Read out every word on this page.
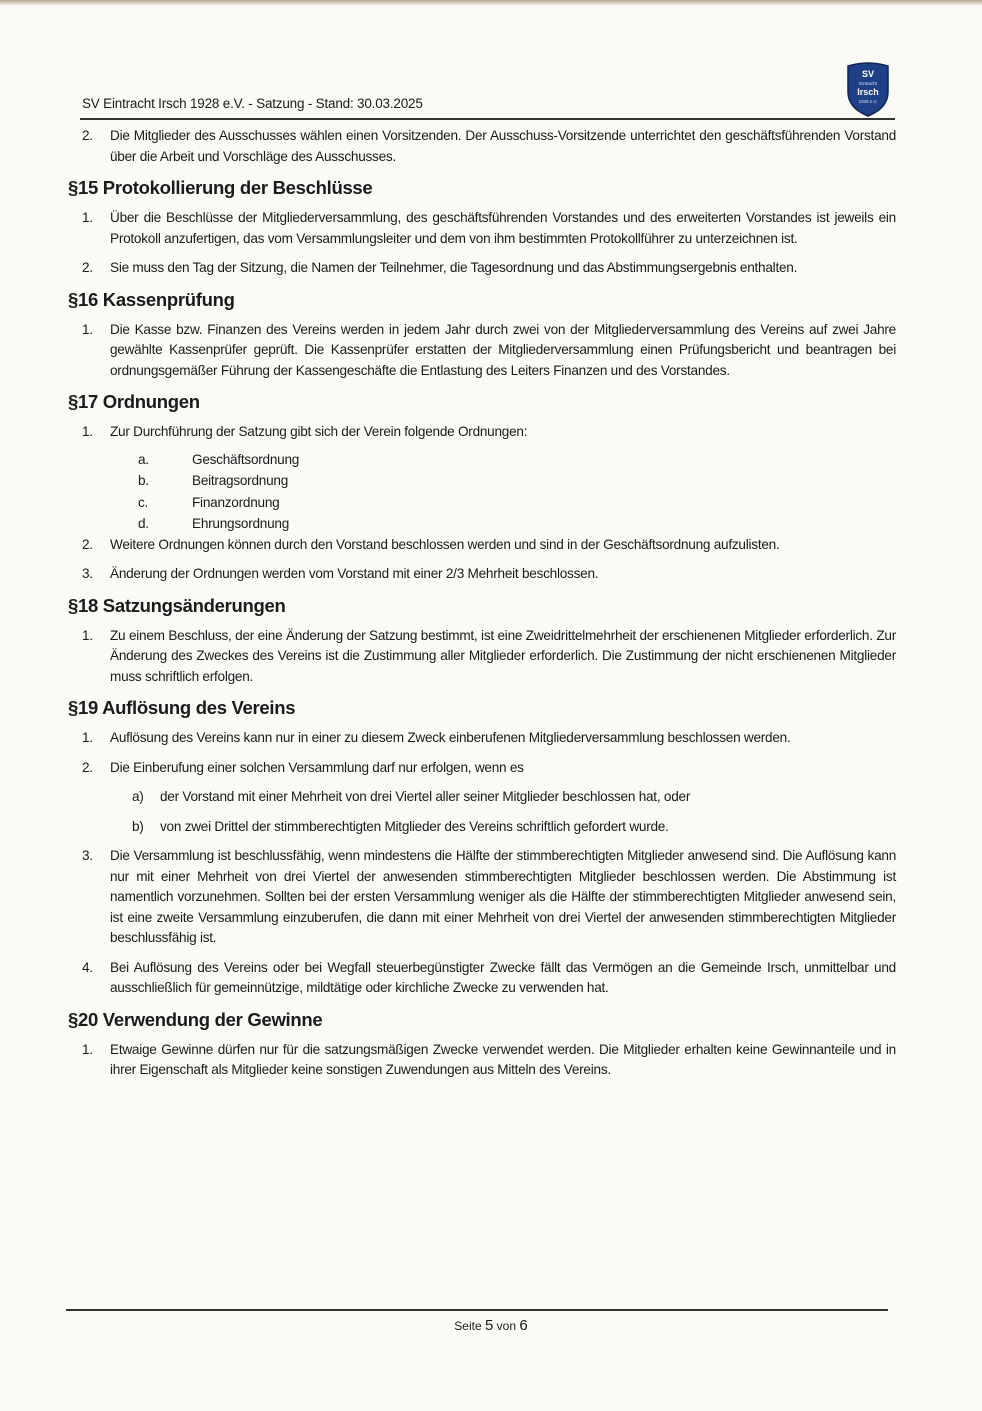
SV Eintracht Irsch 1928 e.V. - Satzung - Stand: 30.03.2025
SV
Eintracht
Irsch
1928 e.V.
2. Die Mitglieder des Ausschusses wählen einen Vorsitzenden. Der Ausschuss-Vorsitzende unterrichtet den geschäftsführenden Vorstand über die Arbeit und Vorschläge des Ausschusses.
§15 Protokollierung der Beschlüsse
1. Über die Beschlüsse der Mitgliederversammlung, des geschäftsführenden Vorstandes und des erweiterten Vorstandes ist jeweils ein Protokoll anzufertigen, das vom Versammlungsleiter und dem von ihm bestimmten Protokollführer zu unterzeichnen ist.
2. Sie muss den Tag der Sitzung, die Namen der Teilnehmer, die Tagesordnung und das Abstimmungsergebnis enthalten.
§16 Kassenprüfung
1. Die Kasse bzw. Finanzen des Vereins werden in jedem Jahr durch zwei von der Mitgliederversammlung des Vereins auf zwei Jahre gewählte Kassenprüfer geprüft. Die Kassenprüfer erstatten der Mitgliederversammlung einen Prüfungsbericht und beantragen bei ordnungsgemäßer Führung der Kassengeschäfte die Entlastung des Leiters Finanzen und des Vorstandes.
§17 Ordnungen
1. Zur Durchführung der Satzung gibt sich der Verein folgende Ordnungen:
a.	Geschäftsordnung
b.	Beitragsordnung
c.	Finanzordnung
d.	Ehrungsordnung
2. Weitere Ordnungen können durch den Vorstand beschlossen werden und sind in der Geschäftsordnung aufzulisten.
3. Änderung der Ordnungen werden vom Vorstand mit einer 2/3 Mehrheit beschlossen.
§18 Satzungsänderungen
1. Zu einem Beschluss, der eine Änderung der Satzung bestimmt, ist eine Zweidrittelmehrheit der erschienenen Mitglieder erforderlich. Zur Änderung des Zweckes des Vereins ist die Zustimmung aller Mitglieder erforderlich. Die Zustimmung der nicht erschienenen Mitglieder muss schriftlich erfolgen.
§19 Auflösung des Vereins
1. Auflösung des Vereins kann nur in einer zu diesem Zweck einberufenen Mitgliederversammlung beschlossen werden.
2. Die Einberufung einer solchen Versammlung darf nur erfolgen, wenn es
a) der Vorstand mit einer Mehrheit von drei Viertel aller seiner Mitglieder beschlossen hat, oder
b) von zwei Drittel der stimmberechtigten Mitglieder des Vereins schriftlich gefordert wurde.
3. Die Versammlung ist beschlussfähig, wenn mindestens die Hälfte der stimmberechtigten Mitglieder anwesend sind. Die Auflösung kann nur mit einer Mehrheit von drei Viertel der anwesenden stimmberechtigten Mitglieder beschlossen werden. Die Abstimmung ist namentlich vorzunehmen. Sollten bei der ersten Versammlung weniger als die Hälfte der stimmberechtigten Mitglieder anwesend sein, ist eine zweite Versammlung einzuberufen, die dann mit einer Mehrheit von drei Viertel der anwesenden stimmberechtigten Mitglieder beschlussfähig ist.
4. Bei Auflösung des Vereins oder bei Wegfall steuerbegünstigter Zwecke fällt das Vermögen an die Gemeinde Irsch, unmittelbar und ausschließlich für gemeinnützige, mildtätige oder kirchliche Zwecke zu verwenden hat.
§20 Verwendung der Gewinne
1. Etwaige Gewinne dürfen nur für die satzungsmäßigen Zwecke verwendet werden. Die Mitglieder erhalten keine Gewinnanteile und in ihrer Eigenschaft als Mitglieder keine sonstigen Zuwendungen aus Mitteln des Vereins.
Seite 5 von 6
